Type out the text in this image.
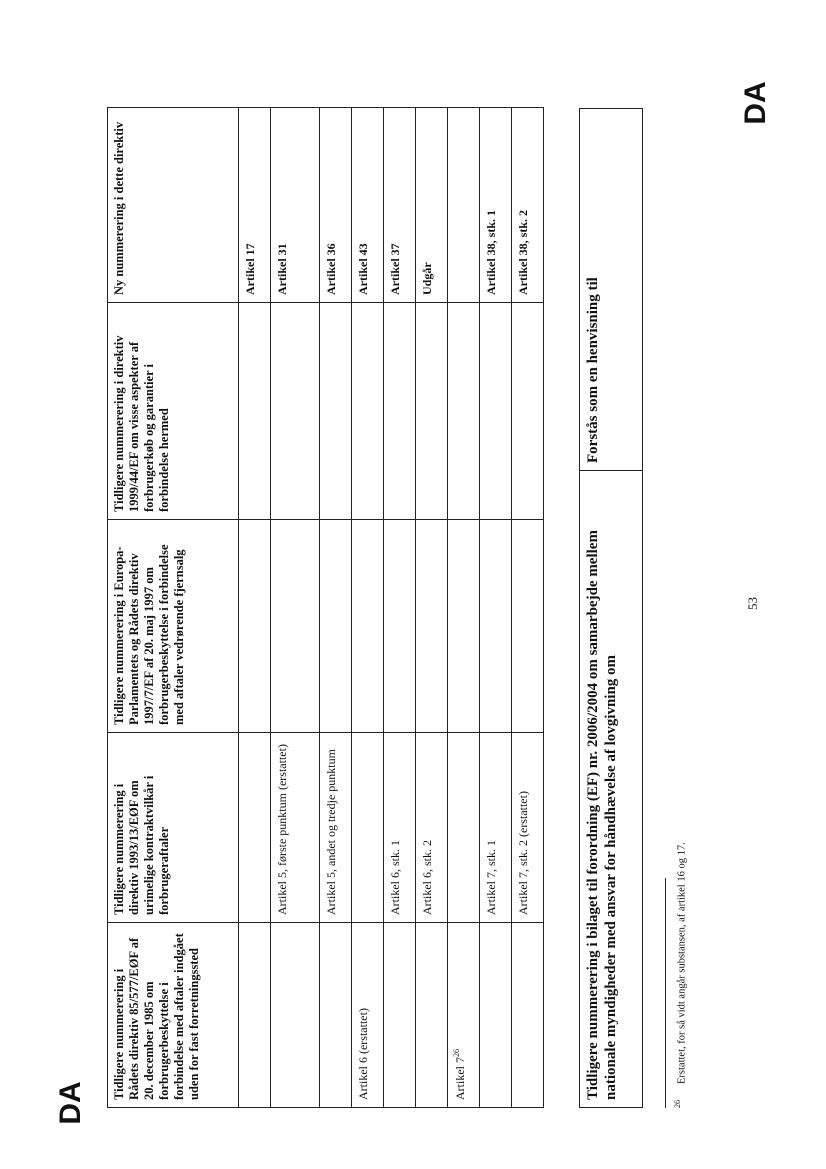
DA
DA
Tidligere nummerering i Rådets direktiv 85/577/EØF af 20. december 1985 om forbrugerbeskyttelse i forbindelse med aftaler indgået uden for fast forretningssted	Tidligere nummerering i direktiv 1993/13/EØF om urimelige kontraktvilkår i forbrugeraftaler	Tidligere nummerering i Europa-Parlamentets og Rådets direktiv 1997/7/EF af 20. maj 1997 om forbrugerbeskyttelse i forbindelse med aftaler vedrørende fjernsalg	Tidligere nummerering i direktiv 1999/44/EF om visse aspekter af forbrugerkøb og garantier i forbindelse hermed	Ny nummerering i dette direktiv
				Artikel 17
	Artikel 5, første punktum (erstattet)			Artikel 31
	Artikel 5, andet og tredje punktum			Artikel 36
Artikel 6 (erstattet)				Artikel 43
	Artikel 6, stk. 1			Artikel 37
	Artikel 6, stk. 2			Udgår
Artikel $7^{26}$				
	Artikel 7, stk. 1			Artikel 38, stk. 1
	Artikel 7, stk. 2 (erstattet)			Artikel 38, stk. 2
Tidligere nummerering i bilaget til forordning (EF) nr. 2006/2004 om samarbejde mellem nationale myndigheder med ansvar for håndhævelse af lovgivning om
Forstås som en henvisning til
$^{26}$Erstattet, for så vidt angår substansen, af artikel 16 og 17.
53
